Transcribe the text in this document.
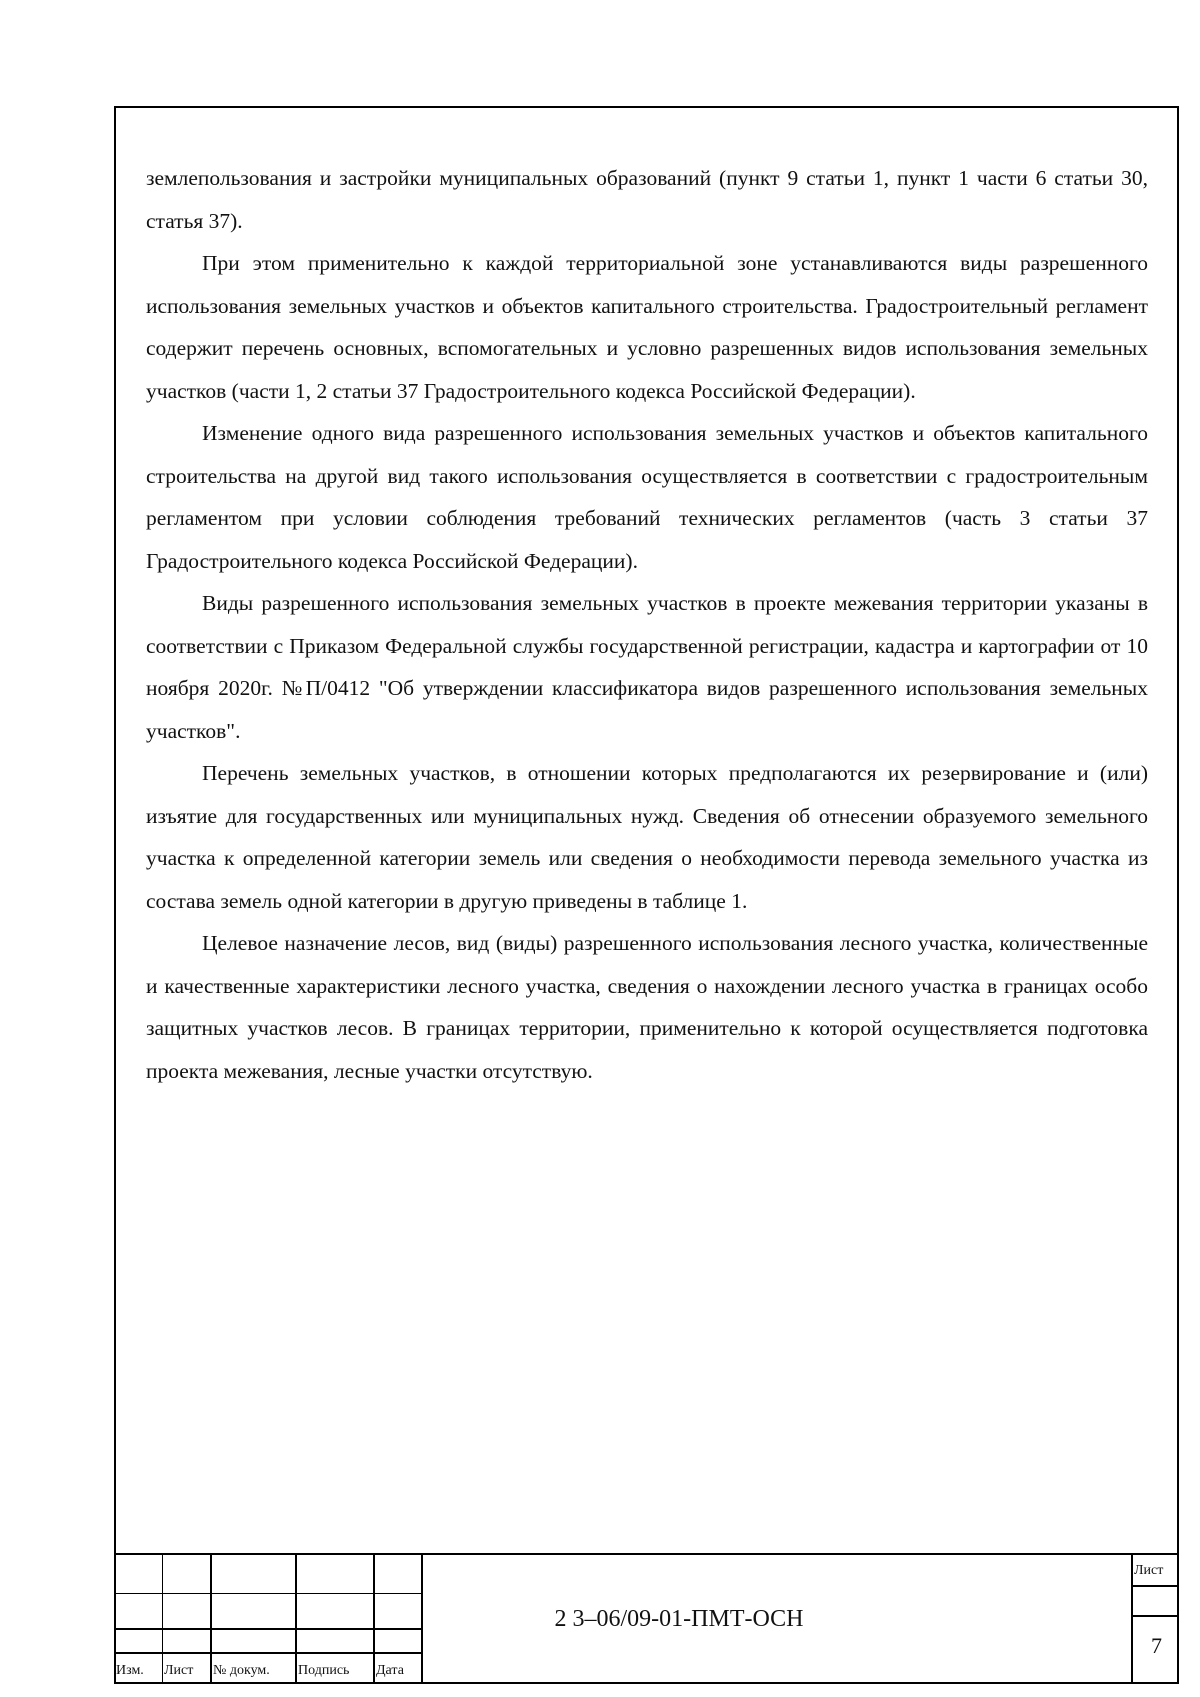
землепользования и застройки муниципальных образований (пункт 9 статьи 1, пункт 1 части 6 статьи 30, статья 37).

При этом применительно к каждой территориальной зоне устанавливаются виды разрешенного использования земельных участков и объектов капитального строительства. Градостроительный регламент содержит перечень основных, вспомогательных и условно разрешенных видов использования земельных участков (части 1, 2 статьи 37 Градостроительного кодекса Российской Федерации).

Изменение одного вида разрешенного использования земельных участков и объектов капитального строительства на другой вид такого использования осуществляется в соответствии с градостроительным регламентом при условии соблюдения требований технических регламентов (часть 3 статьи 37 Градостроительного кодекса Российской Федерации).

Виды разрешенного использования земельных участков в проекте межевания территории указаны в соответствии с Приказом Федеральной службы государственной регистрации, кадастра и картографии от 10 ноября 2020г. №П/0412 "Об утверждении классификатора видов разрешенного использования земельных участков".

Перечень земельных участков, в отношении которых предполагаются их резервирование и (или) изъятие для государственных или муниципальных нужд. Сведения об отнесении образуемого земельного участка к определенной категории земель или сведения о необходимости перевода земельного участка из состава земель одной категории в другую приведены в таблице 1.

Целевое назначение лесов, вид (виды) разрешенного использования лесного участка, количественные и качественные характеристики лесного участка, сведения о нахождении лесного участка в границах особо защитных участков лесов. В границах территории, применительно к которой осуществляется подготовка проекта межевания, лесные участки отсутствую.

Изм. Лист № докум. Подпись Дата
2 3–06/09-01-ПМТ-ОСН
Лист
7
